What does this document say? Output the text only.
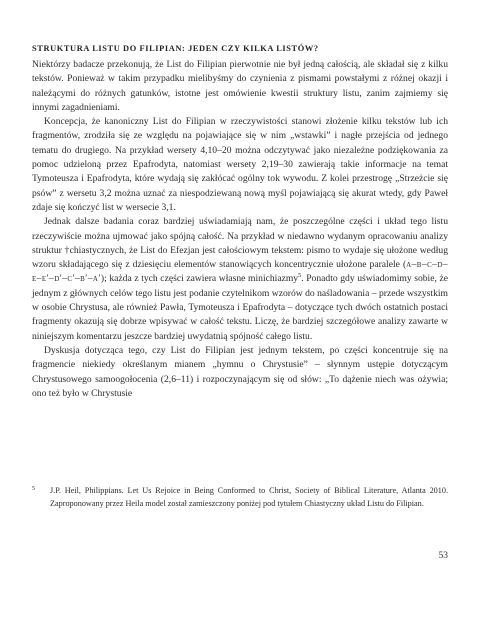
STRUKTURA LISTU DO FILIPIAN: JEDEN CZY KILKA LISTÓW?

Niektórzy badacze przekonują, że List do Filipian pierwotnie nie był jedną całością, ale składał się z kilku tekstów. Ponieważ w takim przypadku mielibyśmy do czynienia z pismami powstałymi z różnej okazji i należącymi do różnych gatunków, istotne jest omówienie kwestii struktury listu, zanim zajmiemy się innymi zagadnieniami.

Koncepcja, że kanoniczny List do Filipian w rzeczywistości stanowi złożenie kilku tekstów lub ich fragmentów, zrodziła się ze względu na pojawiające się w nim „wstawki” i nagłe przejścia od jednego tematu do drugiego. Na przykład wersety 4,10–20 można odczytywać jako niezależne podziękowania za pomoc udzieloną przez Epafrodyta, natomiast wersety 2,19–30 zawierają takie informacje na temat Tymoteusza i Epafrodyta, które wydają się zakłócać ogólny tok wywodu. Z kolei przestrogę „Strzeżcie się psów” z wersetu 3,2 można uznać za niespodziewaną nową myśl pojawiającą się akurat wtedy, gdy Paweł zdaje się kończyć list w wersecie 3,1.

Jednak dalsze badania coraz bardziej uświadamiają nam, że poszczególne części i układ tego listu rzeczywiście można ujmować jako spójną całość. Na przykład w niedawno wydanym opracowaniu analizy struktur †chiastycznych, że List do Efezjan jest całościowym tekstem: pismo to wydaje się ułożone według wzoru składającego się z dziesięciu elementów stanowiących koncentrycznie ułożone paralele (a–b–c–d–e–e′–d′–c′–b′–a′); każda z tych części zawiera własne minichiazmy$^5$. Ponadto gdy uświadomimy sobie, że jednym z głównych celów tego listu jest podanie czytelnikom wzorów do naśladowania – przede wszystkim w osobie Chrystusa, ale również Pawła, Tymoteusza i Epafrodyta – dotyczące tych dwóch ostatnich postaci fragmenty okazują się dobrze wpisywać w całość tekstu. Liczę, że bardziej szczegółowe analizy zawarte w niniejszym komentarzu jeszcze bardziej uwydatnią spójność całego listu.

Dyskusja dotycząca tego, czy List do Filipian jest jednym tekstem, po części koncentruje się na fragmencie niekiedy określanym mianem „hymnu o Chrystusie” – słynnym ustępie dotyczącym Chrystusowego samoogołocenia (2,6–11) i rozpoczynającym się od słów: „To dążenie niech was ożywia; ono też było w Chrystusie

5	J.P. Heil, Philippians. Let Us Rejoice in Being Conformed to Christ, Society of Biblical Literature, Atlanta 2010. Zaproponowany przez Heila model został zamieszczony poniżej pod tytułem Chiastyczny układ Listu do Filipian.
53
